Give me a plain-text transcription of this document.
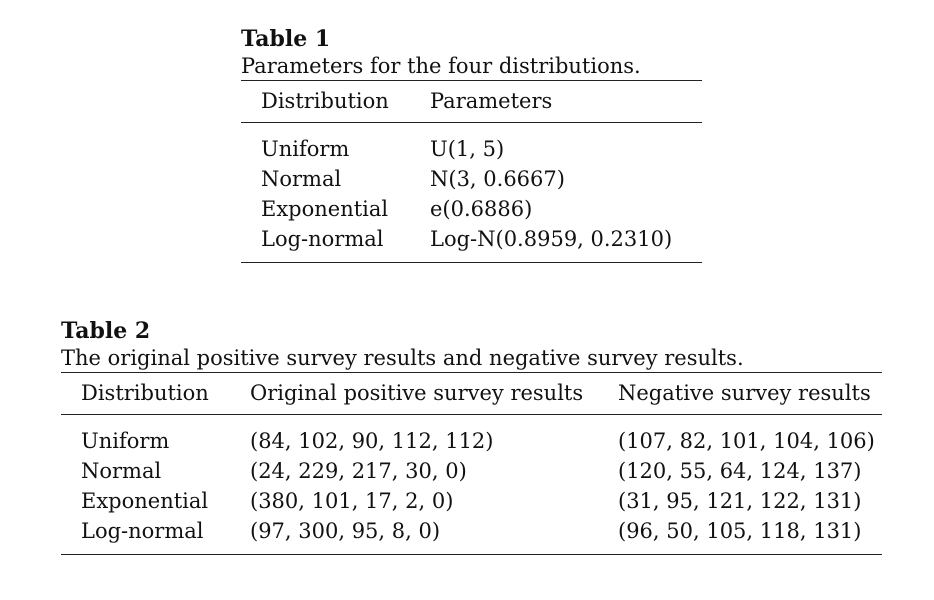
Table 1
Parameters for the four distributions.
Distribution	Parameters
Uniform	U(1, 5)
Normal	N(3, 0.6667)
Exponential	e(0.6886)
Log-normal	Log-N(0.8959, 0.2310)
Table 2
The original positive survey results and negative survey results.
Distribution	Original positive survey results	Negative survey results
Uniform	(84, 102, 90, 112, 112)	(107, 82, 101, 104, 106)
Normal	(24, 229, 217, 30, 0)	(120, 55, 64, 124, 137)
Exponential	(380, 101, 17, 2, 0)	(31, 95, 121, 122, 131)
Log-normal	(97, 300, 95, 8, 0)	(96, 50, 105, 118, 131)
